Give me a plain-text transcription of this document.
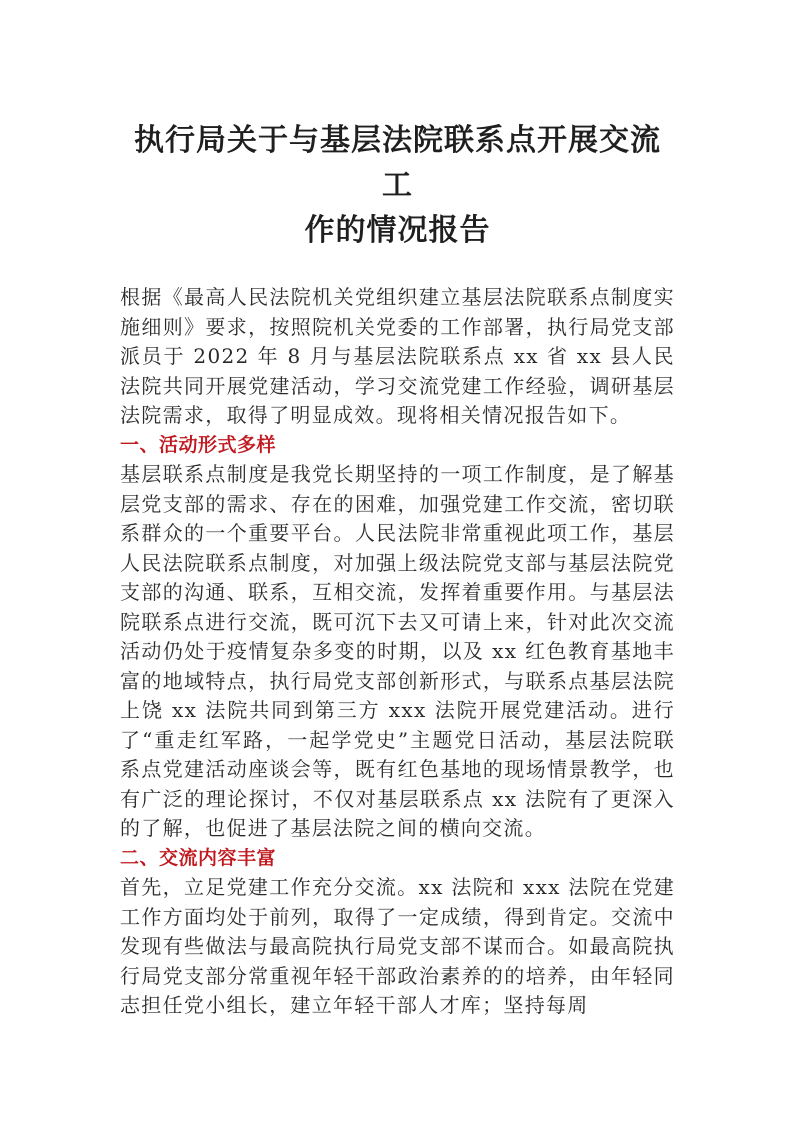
执行局关于与基层法院联系点开展交流工
作的情况报告

根据《最高人民法院机关党组织建立基层法院联系点制度实施细则》要求，按照院机关党委的工作部署，执行局党支部派员于 2022 年 8 月与基层法院联系点 xx 省 xx 县人民法院共同开展党建活动，学习交流党建工作经验，调研基层法院需求，取得了明显成效。现将相关情况报告如下。

一、活动形式多样

基层联系点制度是我党长期坚持的一项工作制度，是了解基层党支部的需求、存在的困难，加强党建工作交流，密切联系群众的一个重要平台。人民法院非常重视此项工作，基层人民法院联系点制度，对加强上级法院党支部与基层法院党支部的沟通、联系，互相交流，发挥着重要作用。与基层法院联系点进行交流，既可沉下去又可请上来，针对此次交流活动仍处于疫情复杂多变的时期，以及 xx 红色教育基地丰富的地域特点，执行局党支部创新形式，与联系点基层法院上饶 xx 法院共同到第三方 xxx 法院开展党建活动。进行了“重走红军路，一起学党史”主题党日活动，基层法院联系点党建活动座谈会等，既有红色基地的现场情景教学，也有广泛的理论探讨，不仅对基层联系点 xx 法院有了更深入的了解，也促进了基层法院之间的横向交流。

二、交流内容丰富

首先，立足党建工作充分交流。xx 法院和 xxx 法院在党建工作方面均处于前列，取得了一定成绩，得到肯定。交流中发现有些做法与最高院执行局党支部不谋而合。如最高院执行局党支部分常重视年轻干部政治素养的的培养，由年轻同志担任党小组长，建立年轻干部人才库；坚持每周
